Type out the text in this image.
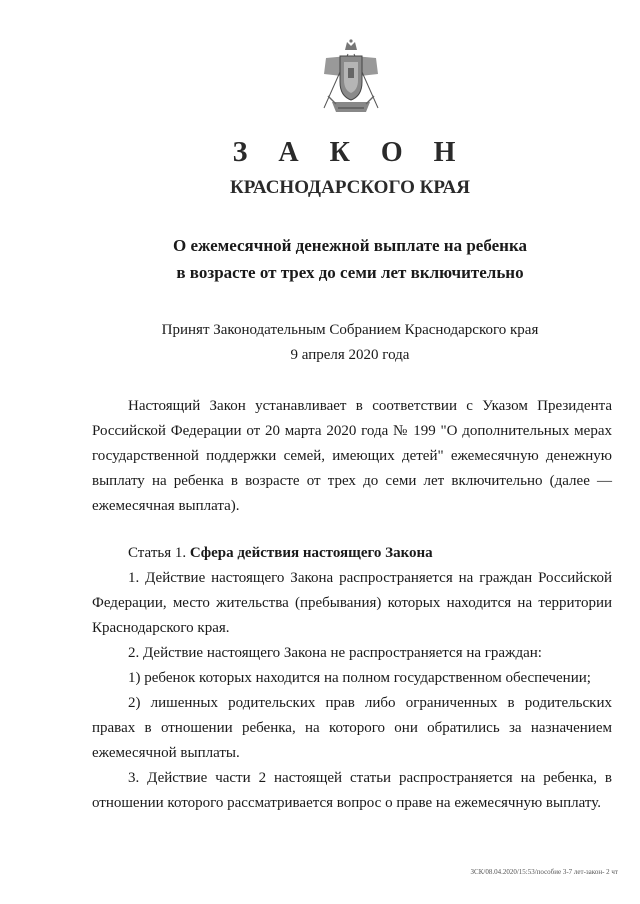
З А К О Н
КРАСНОДАРСКОГО КРАЯ
О ежемесячной денежной выплате на ребенка
в возрасте от трех до семи лет включительно
Принят Законодательным Собранием Краснодарского края
9 апреля 2020 года

Настоящий Закон устанавливает в соответствии с Указом Президента Российской Федерации от 20 марта 2020 года № 199 "О дополнительных мерах государственной поддержки семей, имеющих детей" ежемесячную денежную выплату на ребенка в возрасте от трех до семи лет включительно (далее — ежемесячная выплата).

Статья 1. Сфера действия настоящего Закона

1. Действие настоящего Закона распространяется на граждан Российской Федерации, место жительства (пребывания) которых находится на территории Краснодарского края.

2. Действие настоящего Закона не распространяется на граждан:

1) ребенок которых находится на полном государственном обеспечении;

2) лишенных родительских прав либо ограниченных в родительских правах в отношении ребенка, на которого они обратились за назначением ежемесячной выплаты.

3. Действие части 2 настоящей статьи распространяется на ребенка, в отношении которого рассматривается вопрос о праве на ежемесячную выплату.

ЗСК/08.04.2020/15:53/пособие 3-7 лет-закон- 2 чт
